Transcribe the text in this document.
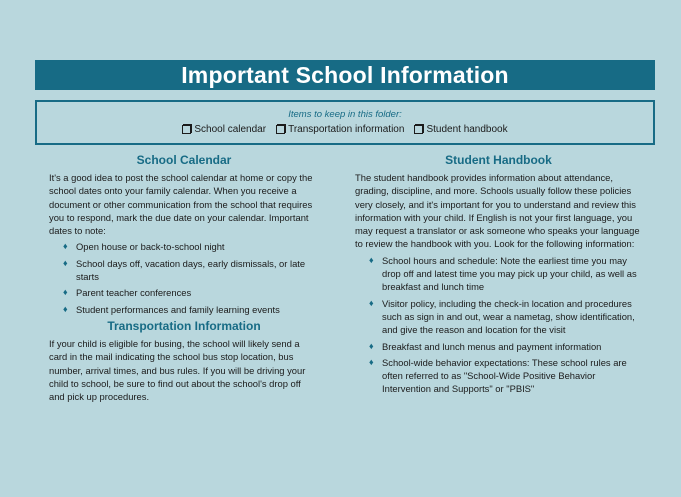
Important School Information
Items to keep in this folder:
School calendar Transportation information Student handbook
School Calendar

It's a good idea to post the school calendar at home or copy the school dates onto your family calendar. When you receive a document or other communication from the school that requires you to respond, mark the due date on your calendar. Important dates to note:

♦ Open house or back-to-school night
♦ School days off, vacation days, early dismissals, or late starts
♦ Parent teacher conferences
♦ Student performances and family learning events
Transportation Information

If your child is eligible for busing, the school will likely send a card in the mail indicating the school bus stop location, bus number, arrival times, and bus rules. If you will be driving your child to school, be sure to find out about the school's drop off and pick up procedures.

Student Handbook

The student handbook provides information about attendance, grading, discipline, and more. Schools usually follow these policies very closely, and it's important for you to understand and review this information with your child. If English is not your first language, you may request a translator or ask someone who speaks your language to review the handbook with you. Look for the following information:

♦ School hours and schedule: Note the earliest time you may drop off and latest time you may pick up your child, as well as breakfast and lunch time
♦ Visitor policy, including the check-in location and procedures such as sign in and out, wear a nametag, show identification, and give the reason and location for the visit
♦ Breakfast and lunch menus and payment information
♦ School-wide behavior expectations: These school rules are often referred to as "School-Wide Positive Behavior Intervention and Supports" or "PBIS"
